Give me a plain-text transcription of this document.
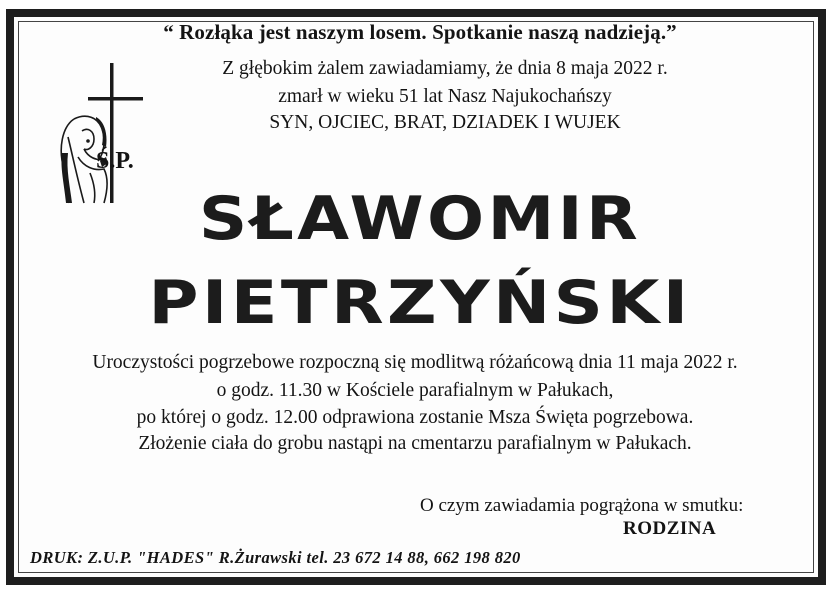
“ Rozłąka jest naszym losem. Spotkanie naszą nadzieją.”
Z głębokim żalem zawiadamiamy, że dnia 8 maja 2022 r.
zmarł w wieku 51 lat Nasz Najukochańszy
SYN, OJCIEC, BRAT, DZIADEK I WUJEK
Ś.P.
SŁAWOMIR
PIETRZYŃSKI
Uroczystości pogrzebowe rozpoczną się modlitwą różańcową dnia 11 maja 2022 r.
o godz. 11.30 w Kościele parafialnym w Pałukach,
po której o godz. 12.00 odprawiona zostanie Msza Święta pogrzebowa.
Złożenie ciała do grobu nastąpi na cmentarzu parafialnym w Pałukach.
O czym zawiadamia pogrążona w smutku:
RODZINA
DRUK: Z.U.P. "HADES" R.Żurawski tel. 23 672 14 88, 662 198 820
